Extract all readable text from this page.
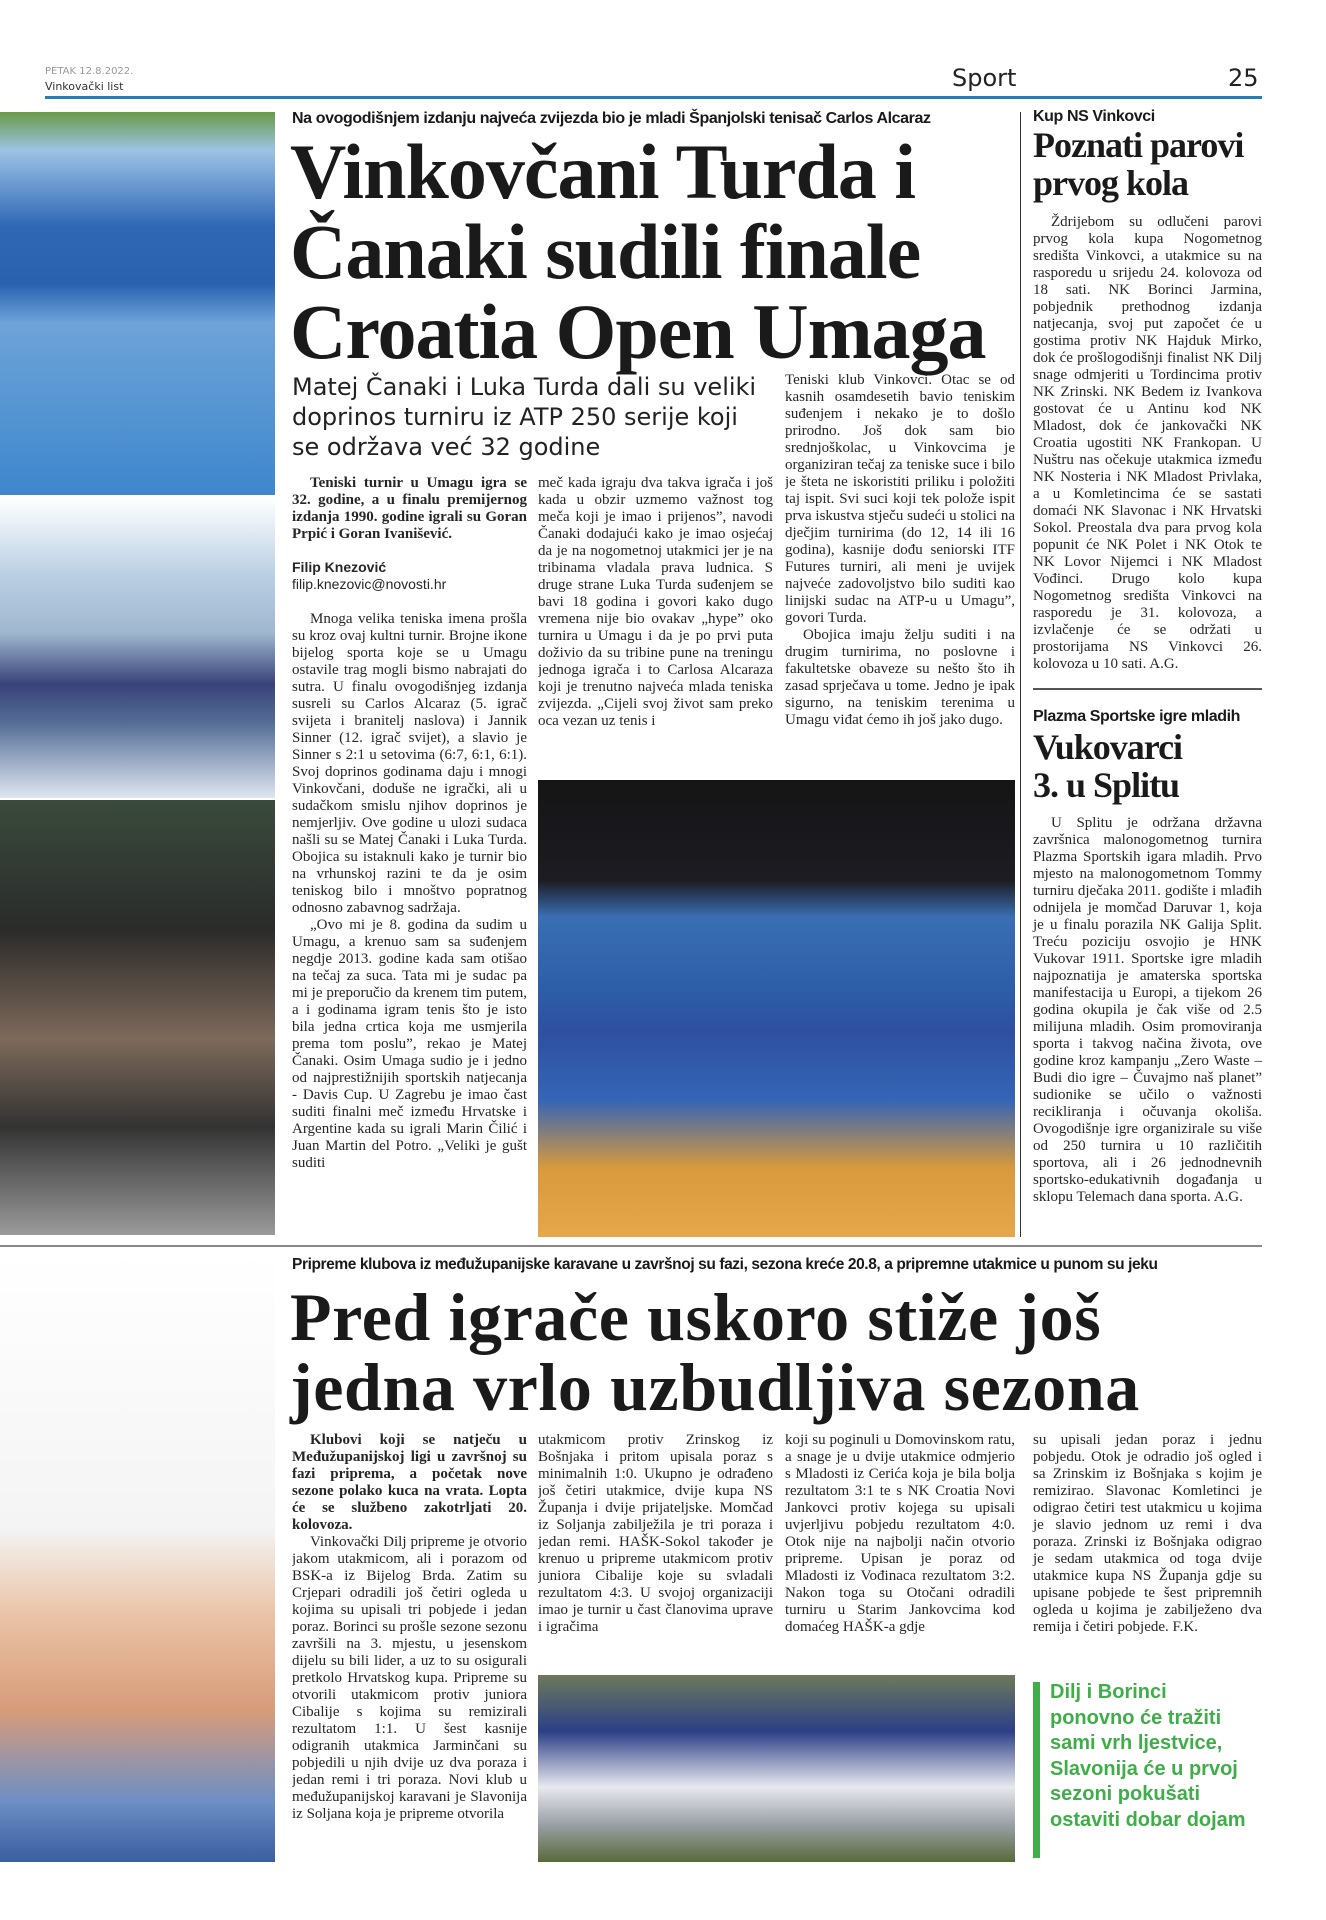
PETAK 12.8.2022.
Vinkovački list	Sport	25
Na ovogodišnjem izdanju najveća zvijezda bio je mladi Španjolski tenisač Carlos Alcaraz
Vinkovčani Turda i
Čanaki sudili finale
Croatia Open Umaga
Matej Čanaki i Luka Turda dali su veliki doprinos turniru iz ATP 250 serije koji se održava već 32 godine
Teniski turnir u Umagu igra se 32. godine, a u finalu premijernog izdanja 1990. godine igrali su Goran Prpić i Goran Ivanišević.
Filip Knezović
filip.knezovic@novosti.hr

Mnoga velika teniska imena prošla su kroz ovaj kultni turnir. Brojne ikone bijelog sporta koje se u Umagu ostavile trag mogli bismo nabrajati do sutra. U finalu ovogodišnjeg izdanja susreli su Carlos Alcaraz (5. igrač svijeta i branitelj naslova) i Jannik Sinner (12. igrač svijet), a slavio je Sinner s 2:1 u setovima (6:7, 6:1, 6:1). Svoj doprinos godinama daju i mnogi Vinkovčani, doduše ne igrački, ali u sudačkom smislu njihov doprinos je nemjerljiv. Ove godine u ulozi sudaca našli su se Matej Čanaki i Luka Turda. Obojica su istaknuli kako je turnir bio na vrhunskoj razini te da je osim teniskog bilo i mnoštvo popratnog odnosno zabavnog sadržaja.

„Ovo mi je 8. godina da sudim u Umagu, a krenuo sam sa suđenjem negdje 2013. godine kada sam otišao na tečaj za suca. Tata mi je sudac pa mi je preporučio da krenem tim putem, a i godinama igram tenis što je isto bila jedna crtica koja me usmjerila prema tom poslu”, rekao je Matej Čanaki. Osim Umaga sudio je i jedno od najprestižnijih sportskih natjecanja - Davis Cup. U Zagrebu je imao čast suditi finalni meč između Hrvatske i Argentine kada su igrali Marin Čilić i Juan Martin del Potro. „Veliki je gušt suditi

meč kada igraju dva takva igrača i još kada u obzir uzmemo važnost tog meča koji je imao i prijenos”, navodi Čanaki dodajući kako je imao osjećaj da je na nogometnoj utakmici jer je na tribinama vladala prava ludnica. S druge strane Luka Turda suđenjem se bavi 18 godina i govori kako dugo vremena nije bio ovakav „hype” oko turnira u Umagu i da je po prvi puta doživio da su tribine pune na treningu jednoga igrača i to Carlosa Alcaraza koji je trenutno najveća mlada teniska zvijezda. „Cijeli svoj život sam preko oca vezan uz tenis i
Teniski klub Vinkovci. Otac se od kasnih osamdesetih bavio teniskim suđenjem i nekako je to došlo prirodno. Još dok sam bio srednjoškolac, u Vinkovcima je organiziran tečaj za teniske suce i bilo je šteta ne iskoristiti priliku i položiti taj ispit. Svi suci koji tek polože ispit prva iskustva stječu sudeći u stolici na dječjim turnirima (do 12, 14 ili 16 godina), kasnije dođu seniorski ITF Futures turniri, ali meni je uvijek najveće zadovoljstvo bilo suditi kao linijski sudac na ATP-u u Umagu”, govori Turda.

Obojica imaju želju suditi i na drugim turnirima, no poslovne i fakultetske obaveze su nešto što ih zasad sprječava u tome. Jedno je ipak sigurno, na teniskim terenima u Umagu viđat ćemo ih još jako dugo.

Kup NS Vinkovci
Poznati parovi
prvog kola

Ždrijebom su odlučeni parovi prvog kola kupa Nogometnog središta Vinkovci, a utakmice su na rasporedu u srijedu 24. kolovoza od 18 sati. NK Borinci Jarmina, pobjednik prethodnog izdanja natjecanja, svoj put započet će u gostima protiv NK Hajduk Mirko, dok će prošlogodišnji finalist NK Dilj snage odmjeriti u Tordincima protiv NK Zrinski. NK Bedem iz Ivankova gostovat će u Antinu kod NK Mladost, dok će jankovački NK Croatia ugostiti NK Frankopan. U Nuštru nas očekuje utakmica između NK Nosteria i NK Mladost Privlaka, a u Komletincima će se sastati domaći NK Slavonac i NK Hrvatski Sokol. Preostala dva para prvog kola popunit će NK Polet i NK Otok te NK Lovor Nijemci i NK Mladost Vođinci. Drugo kolo kupa Nogometnog središta Vinkovci na rasporedu je 31. kolovoza, a izvlačenje će se održati u prostorijama NS Vinkovci 26. kolovoza u 10 sati. A.G.

Plazma Sportske igre mladih
Vukovarci
3. u Splitu

U Splitu je održana državna završnica malonogometnog turnira Plazma Sportskih igara mladih. Prvo mjesto na malonogometnom Tommy turniru dječaka 2011. godište i mlađih odnijela je momčad Daruvar 1, koja je u finalu porazila NK Galija Split. Treću poziciju osvojio je HNK Vukovar 1911. Sportske igre mladih najpoznatija je amaterska sportska manifestacija u Europi, a tijekom 26 godina okupila je čak više od 2.5 milijuna mladih. Osim promoviranja sporta i takvog načina života, ove godine kroz kampanju „Zero Waste – Budi dio igre – Čuvajmo naš planet” sudionike se učilo o važnosti recikliranja i očuvanja okoliša. Ovogodišnje igre organizirale su više od 250 turnira u 10 različitih sportova, ali i 26 jednodnevnih sportsko-edukativnih događanja u sklopu Telemach dana sporta. A.G.

Pripreme klubova iz međužupanijske karavane u završnoj su fazi, sezona kreće 20.8, a pripremne utakmice u punom su jeku
Pred igrače uskoro stiže još
jedna vrlo uzbudljiva sezona
Klubovi koji se natječu u Međužupanijskoj ligi u završnoj su fazi priprema, a početak nove sezone polako kuca na vrata. Lopta će se službeno zakotrljati 20. kolovoza.

Vinkovački Dilj pripreme je otvorio jakom utakmicom, ali i porazom od BSK-a iz Bijelog Brda. Zatim su Crjepari odradili još četiri ogleda u kojima su upisali tri pobjede i jedan poraz. Borinci su prošle sezone sezonu završili na 3. mjestu, u jesenskom dijelu su bili lider, a uz to su osigurali pretkolo Hrvatskog kupa. Pripreme su otvorili utakmicom protiv juniora Cibalije s kojima su remizirali rezultatom 1:1. U šest kasnije odigranih utakmica Jarminčani su pobjedili u njih dvije uz dva poraza i jedan remi i tri poraza. Novi klub u međužupanijskoj karavani je Slavonija iz Soljana koja je pripreme otvorila

utakmicom protiv Zrinskog iz Bošnjaka i pritom upisala poraz s minimalnih 1:0. Ukupno je odrađeno još četiri utakmice, dvije kupa NS Županja i dvije prijateljske. Momčad iz Soljanja zabilježila je tri poraza i jedan remi. HAŠK-Sokol također je krenuo u pripreme utakmicom protiv juniora Cibalije koje su svladali rezultatom 4:3. U svojoj organizaciji imao je turnir u čast članovima uprave i igračima
koji su poginuli u Domovinskom ratu, a snage je u dvije utakmice odmjerio s Mladosti iz Cerića koja je bila bolja rezultatom 3:1 te s NK Croatia Novi Jankovci protiv kojega su upisali uvjerljivu pobjedu rezultatom 4:0. Otok nije na najbolji način otvorio pripreme. Upisan je poraz od Mladosti iz Vođinaca rezultatom 3:2. Nakon toga su Otočani odradili turniru u Starim Jankovcima kod domaćeg HAŠK-a gdje
su upisali jedan poraz i jednu pobjedu. Otok je odradio još ogled i sa Zrinskim iz Bošnjaka s kojim je remizirao. Slavonac Komletinci je odigrao četiri test utakmicu u kojima je slavio jednom uz remi i dva poraza. Zrinski iz Bošnjaka odigrao je sedam utakmica od toga dvije utakmice kupa NS Županja gdje su upisane pobjede te šest pripremnih ogleda u kojima je zabilježeno dva remija i četiri pobjede. F.K.
Dilj i Borinci ponovno će tražiti sami vrh ljestvice, Slavonija će u prvoj sezoni pokušati ostaviti dobar dojam
